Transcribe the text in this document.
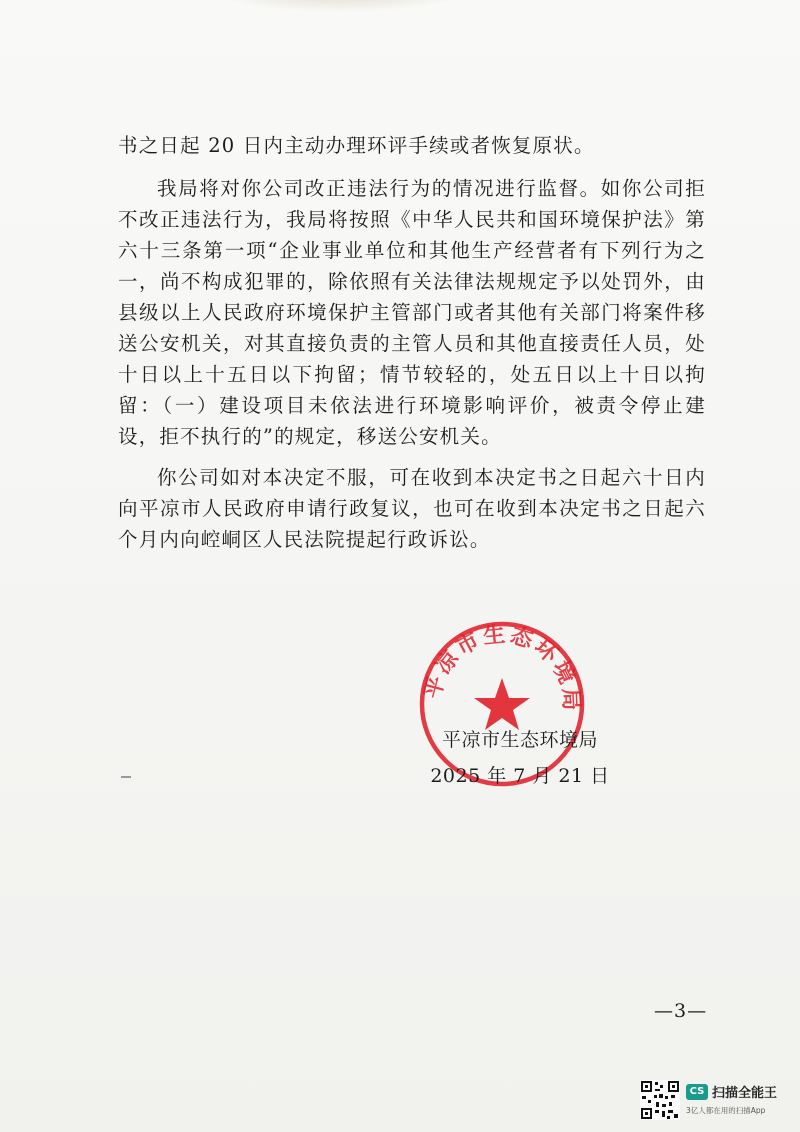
书之日起 20 日内主动办理环评手续或者恢复原状。

我局将对你公司改正违法行为的情况进行监督。如你公司拒不改正违法行为，我局将按照《中华人民共和国环境保护法》第六十三条第一项“企业事业单位和其他生产经营者有下列行为之一，尚不构成犯罪的，除依照有关法律法规规定予以处罚外，由县级以上人民政府环境保护主管部门或者其他有关部门将案件移送公安机关，对其直接负责的主管人员和其他直接责任人员，处十日以上十五日以下拘留；情节较轻的，处五日以上十日以拘留：（一）建设项目未依法进行环境影响评价，被责令停止建设，拒不执行的”的规定，移送公安机关。

你公司如对本决定不服，可在收到本决定书之日起六十日内向平凉市人民政府申请行政复议，也可在收到本决定书之日起六个月内向崆峒区人民法院提起行政诉讼。

平凉市生态环境局
平凉市生态环境局
2025 年 7 月 21 日
—3—
CS 扫描全能王
3亿人都在用的扫描App
